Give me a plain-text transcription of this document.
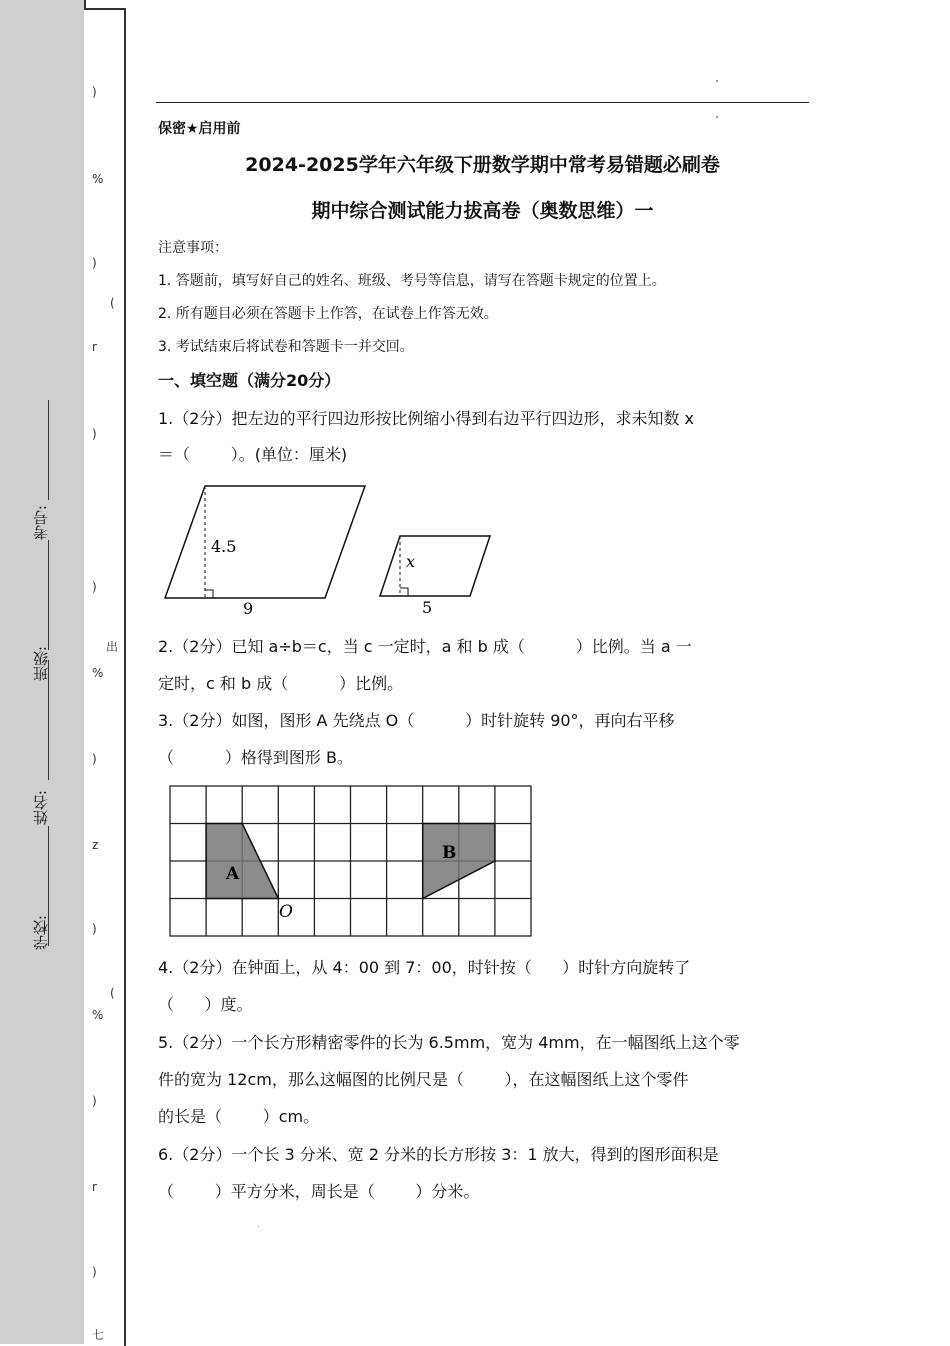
学校:
姓名:
班级:
考号:
)
%
)
(
r
)
)
出
%
)
z
)
(
%
)
r
)
七
保密★启用前
2024-2025学年六年级下册数学期中常考易错题必刷卷
期中综合测试能力拔高卷（奥数思维）一
注意事项：
1. 答题前，填写好自己的姓名、班级、考号等信息，请写在答题卡规定的位置上。
2. 所有题目必须在答题卡上作答，在试卷上作答无效。
3. 考试结束后将试卷和答题卡一并交回。
一、填空题（满分20分）
1.（2分）把左边的平行四边形按比例缩小得到右边平行四边形，求未知数 x
＝（        ）。(单位：厘米)
4.5
9
x
5
2.（2分）已知 a÷b＝c，当 c 一定时，a 和 b 成（          ）比例。当 a 一
定时，c 和 b 成（          ）比例。
3.（2分）如图，图形 A 先绕点 O（          ）时针旋转 90°，再向右平移
（          ）格得到图形 B。
A
B
O
4.（2分）在钟面上，从 4：00 到 7：00，时针按（      ）时针方向旋转了
（      ）度。
5.（2分）一个长方形精密零件的长为 6.5mm，宽为 4mm，在一幅图纸上这个零
件的宽为 12cm，那么这幅图的比例尺是（        ），在这幅图纸上这个零件
的长是（        ）cm。
6.（2分）一个长 3 分米、宽 2 分米的长方形按 3：1 放大，得到的图形面积是
（        ）平方分米，周长是（        ）分米。
